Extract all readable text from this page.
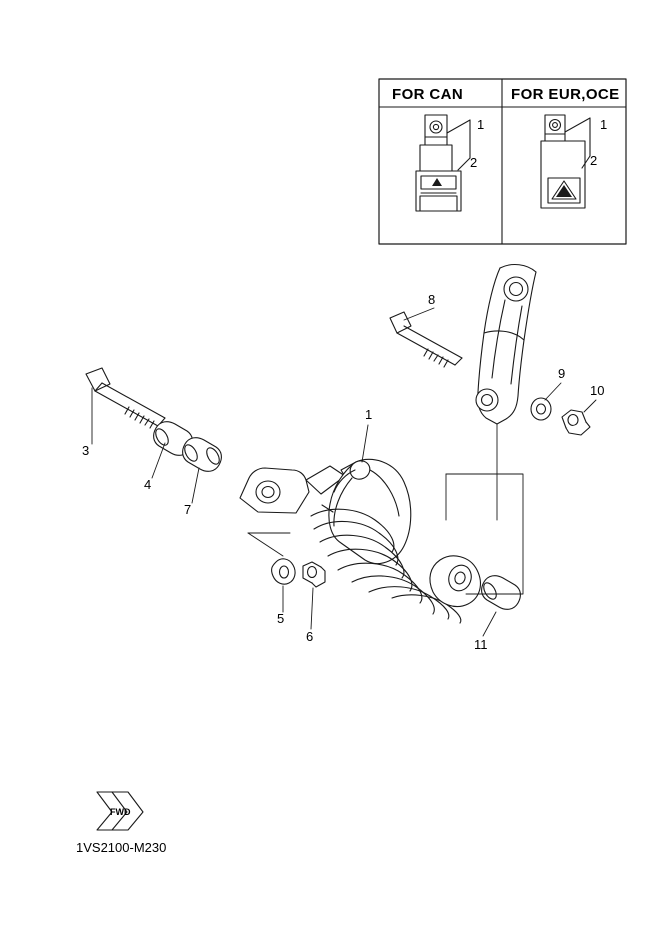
FOR CAN	FOR EUR,OCE
1
2
1
2
1
3
4
5
6
7
8
9
10
11
FWD
1VS2100-M230
